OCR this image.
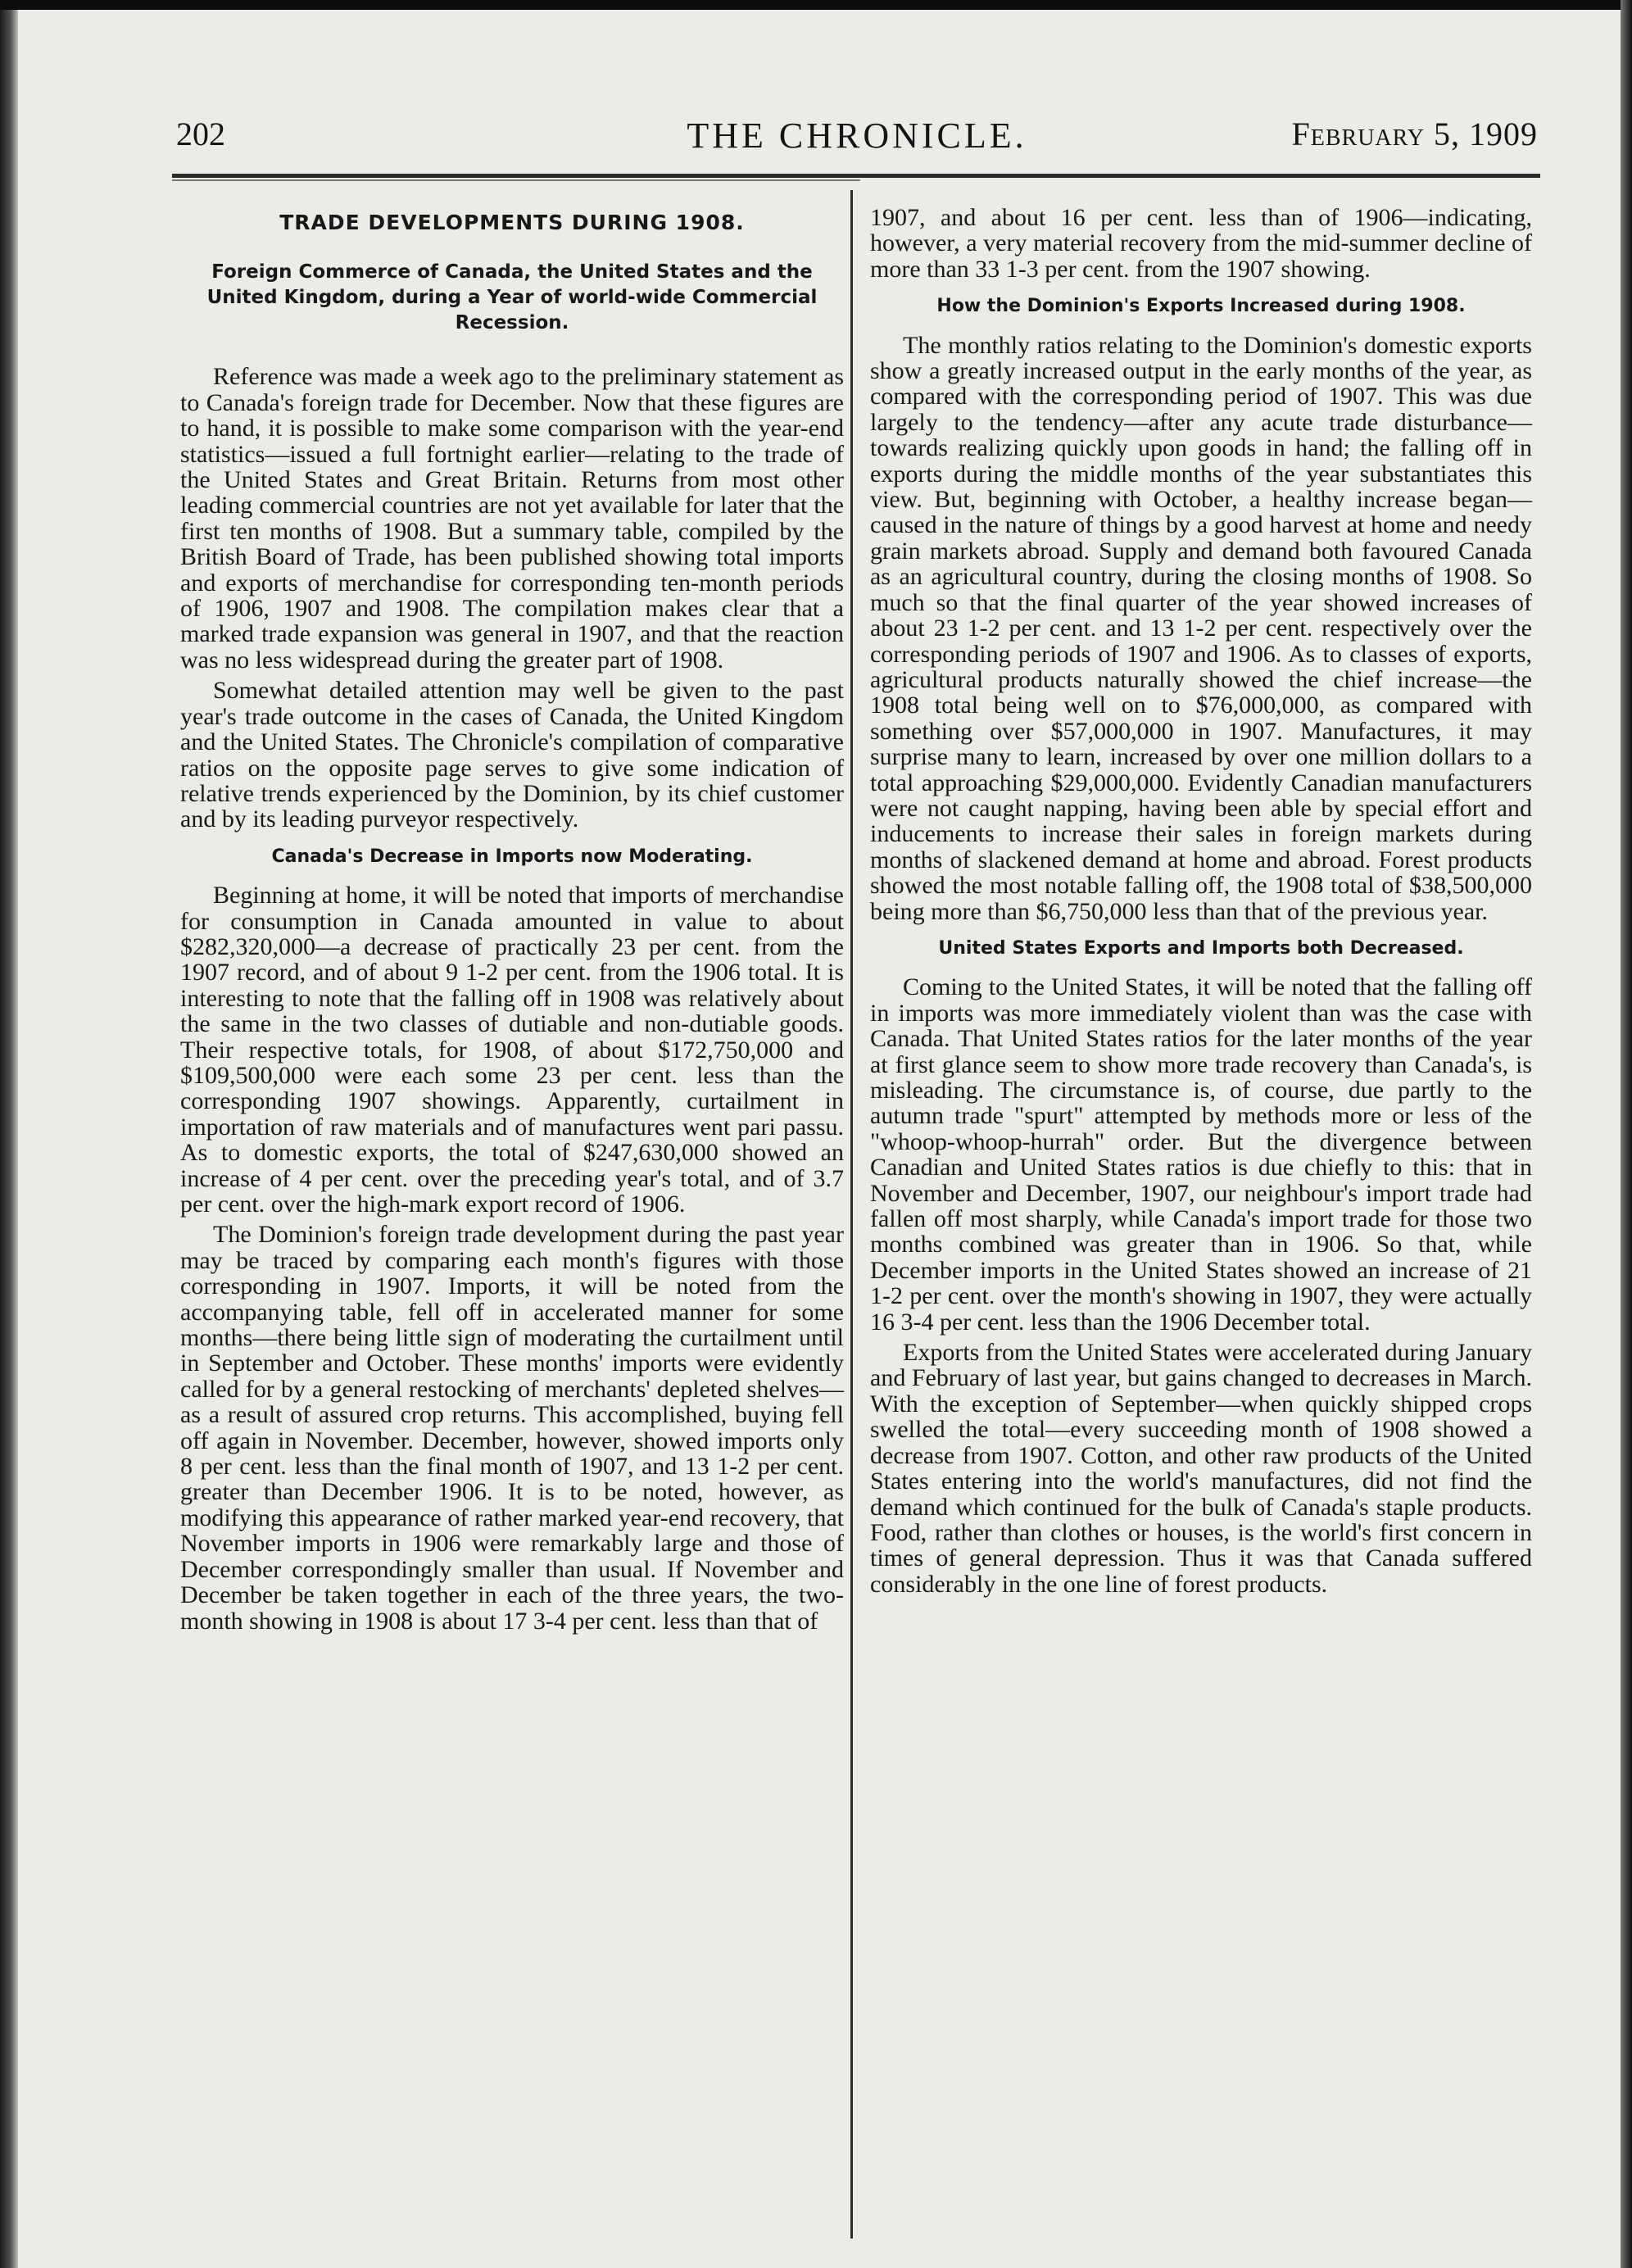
202	THE CHRONICLE.	February 5, 1909
TRADE DEVELOPMENTS DURING 1908.
Foreign Commerce of Canada, the United States and the United Kingdom, during a Year of world-wide Commercial Recession.

Reference was made a week ago to the preliminary statement as to Canada's foreign trade for December. Now that these figures are to hand, it is possible to make some comparison with the year-end statistics—issued a full fortnight earlier—relating to the trade of the United States and Great Britain. Returns from most other leading commercial countries are not yet available for later that the first ten months of 1908. But a summary table, compiled by the British Board of Trade, has been published showing total imports and exports of merchandise for corresponding ten-month periods of 1906, 1907 and 1908. The compilation makes clear that a marked trade expansion was general in 1907, and that the reaction was no less widespread during the greater part of 1908.

Somewhat detailed attention may well be given to the past year's trade outcome in the cases of Canada, the United Kingdom and the United States. The Chronicle's compilation of comparative ratios on the opposite page serves to give some indication of relative trends experienced by the Dominion, by its chief customer and by its leading purveyor respectively.

Canada's Decrease in Imports now Moderating.

Beginning at home, it will be noted that imports of merchandise for consumption in Canada amounted in value to about $282,320,000—a decrease of practically 23 per cent. from the 1907 record, and of about 9 1-2 per cent. from the 1906 total. It is interesting to note that the falling off in 1908 was relatively about the same in the two classes of dutiable and non-dutiable goods. Their respective totals, for 1908, of about $172,750,000 and $109,500,000 were each some 23 per cent. less than the corresponding 1907 showings. Apparently, curtailment in importation of raw materials and of manufactures went pari passu. As to domestic exports, the total of $247,630,000 showed an increase of 4 per cent. over the preceding year's total, and of 3.7 per cent. over the high-mark export record of 1906.

The Dominion's foreign trade development during the past year may be traced by comparing each month's figures with those corresponding in 1907. Imports, it will be noted from the accompanying table, fell off in accelerated manner for some months—there being little sign of moderating the curtailment until in September and October. These months' imports were evidently called for by a general restocking of merchants' depleted shelves—as a result of assured crop returns. This accomplished, buying fell off again in November. December, however, showed imports only 8 per cent. less than the final month of 1907, and 13 1-2 per cent. greater than December 1906. It is to be noted, however, as modifying this appearance of rather marked year-end recovery, that November imports in 1906 were remarkably large and those of December correspondingly smaller than usual. If November and December be taken together in each of the three years, the two-month showing in 1908 is about 17 3-4 per cent. less than that of

1907, and about 16 per cent. less than of 1906—indicating, however, a very material recovery from the mid-summer decline of more than 33 1-3 per cent. from the 1907 showing.

How the Dominion's Exports Increased during 1908.

The monthly ratios relating to the Dominion's domestic exports show a greatly increased output in the early months of the year, as compared with the corresponding period of 1907. This was due largely to the tendency—after any acute trade disturbance—towards realizing quickly upon goods in hand; the falling off in exports during the middle months of the year substantiates this view. But, beginning with October, a healthy increase began—caused in the nature of things by a good harvest at home and needy grain markets abroad. Supply and demand both favoured Canada as an agricultural country, during the closing months of 1908. So much so that the final quarter of the year showed increases of about 23 1-2 per cent. and 13 1-2 per cent. respectively over the corresponding periods of 1907 and 1906. As to classes of exports, agricultural products naturally showed the chief increase—the 1908 total being well on to $76,000,000, as compared with something over $57,000,000 in 1907. Manufactures, it may surprise many to learn, increased by over one million dollars to a total approaching $29,000,000. Evidently Canadian manufacturers were not caught napping, having been able by special effort and inducements to increase their sales in foreign markets during months of slackened demand at home and abroad. Forest products showed the most notable falling off, the 1908 total of $38,500,000 being more than $6,750,000 less than that of the previous year.

United States Exports and Imports both Decreased.

Coming to the United States, it will be noted that the falling off in imports was more immediately violent than was the case with Canada. That United States ratios for the later months of the year at first glance seem to show more trade recovery than Canada's, is misleading. The circumstance is, of course, due partly to the autumn trade "spurt" attempted by methods more or less of the "whoop-whoop-hurrah" order. But the divergence between Canadian and United States ratios is due chiefly to this: that in November and December, 1907, our neighbour's import trade had fallen off most sharply, while Canada's import trade for those two months combined was greater than in 1906. So that, while December imports in the United States showed an increase of 21 1-2 per cent. over the month's showing in 1907, they were actually 16 3-4 per cent. less than the 1906 December total.

Exports from the United States were accelerated during January and February of last year, but gains changed to decreases in March. With the exception of September—when quickly shipped crops swelled the total—every succeeding month of 1908 showed a decrease from 1907. Cotton, and other raw products of the United States entering into the world's manufactures, did not find the demand which continued for the bulk of Canada's staple products. Food, rather than clothes or houses, is the world's first concern in times of general depression. Thus it was that Canada suffered considerably in the one line of forest products.
